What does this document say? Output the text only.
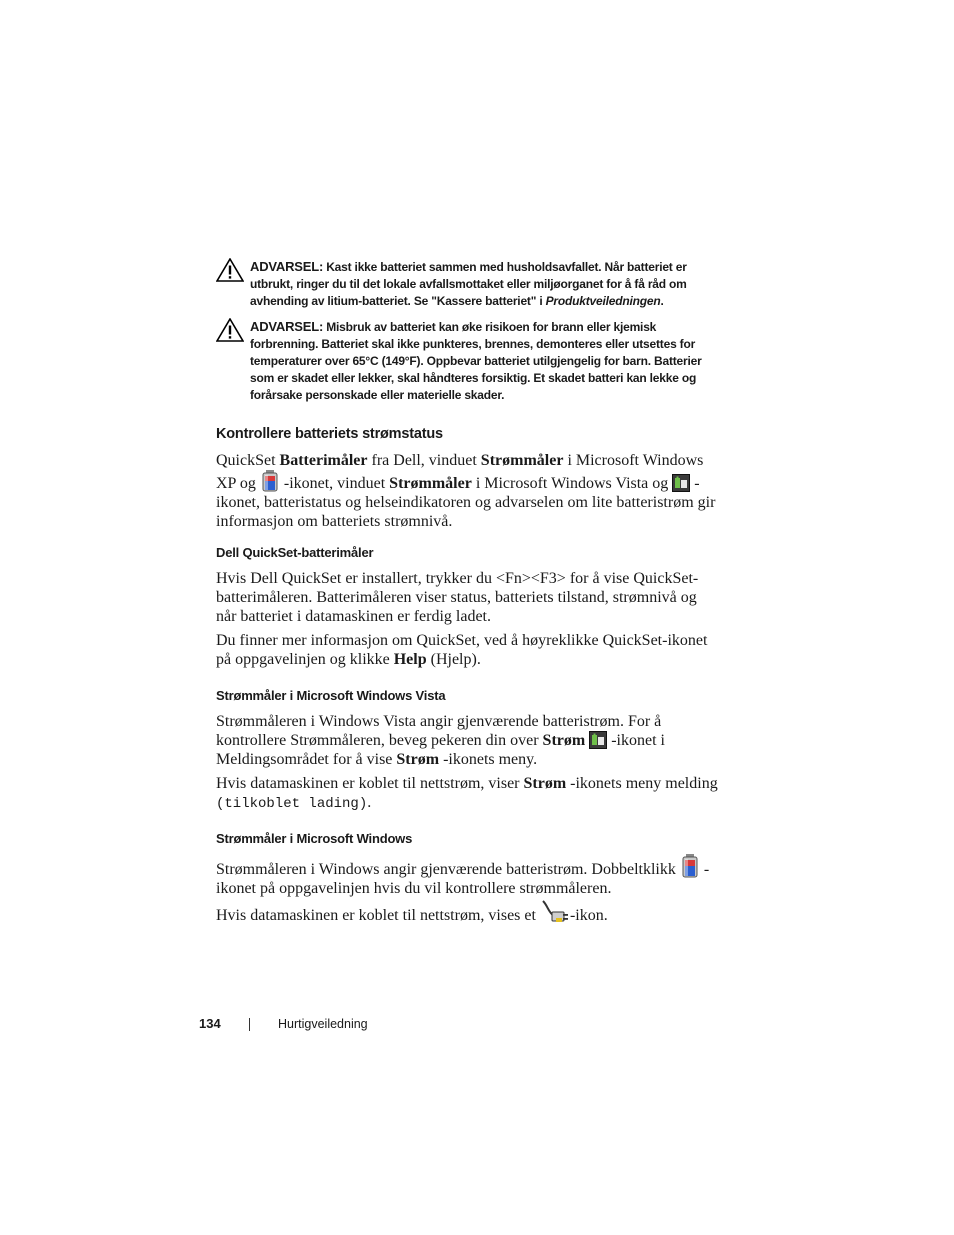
ADVARSEL: Kast ikke batteriet sammen med husholdsavfallet. Når batteriet er utbrukt, ringer du til det lokale avfallsmottaket eller miljøorganet for å få råd om avhending av litium-batteriet. Se "Kassere batteriet" i Produktveiledningen.
ADVARSEL: Misbruk av batteriet kan øke risikoen for brann eller kjemisk forbrenning. Batteriet skal ikke punkteres, brennes, demonteres eller utsettes for temperaturer over 65°C (149°F). Oppbevar batteriet utilgjengelig for barn. Batterier som er skadet eller lekker, skal håndteres forsiktig. Et skadet batteri kan lekke og forårsake personskade eller materielle skader.
Kontrollere batteriets strømstatus
QuickSet Batterimåler fra Dell, vinduet Strømmåler i Microsoft Windows XP og  -ikonet, vinduet Strømmåler i Microsoft Windows Vista og  -ikonet, batteristatus og helseindikatoren og advarselen om lite batteristrøm gir informasjon om batteriets strømnivå.
Dell QuickSet-batterimåler
Hvis Dell QuickSet er installert, trykker du <Fn><F3> for å vise QuickSet-batterimåleren. Batterimåleren viser status, batteriets tilstand, strømnivå og når batteriet i datamaskinen er ferdig ladet.
Du finner mer informasjon om QuickSet, ved å høyreklikke QuickSet-ikonet på oppgavelinjen og klikke Help (Hjelp).
Strømmåler i Microsoft Windows Vista
Strømmåleren i Windows Vista angir gjenværende batteristrøm. For å kontrollere Strømmåleren, beveg pekeren din over Strøm  -ikonet i Meldingsområdet for å vise Strøm -ikonets meny.
Hvis datamaskinen er koblet til nettstrøm, viser Strøm -ikonets meny melding (tilkoblet lading).
Strømmåler i Microsoft Windows
Strømmåleren i Windows angir gjenværende batteristrøm. Dobbeltklikk  -ikonet på oppgavelinjen hvis du vil kontrollere strømmåleren.
Hvis datamaskinen er koblet til nettstrøm, vises et -ikon.
134	Hurtigveiledning
